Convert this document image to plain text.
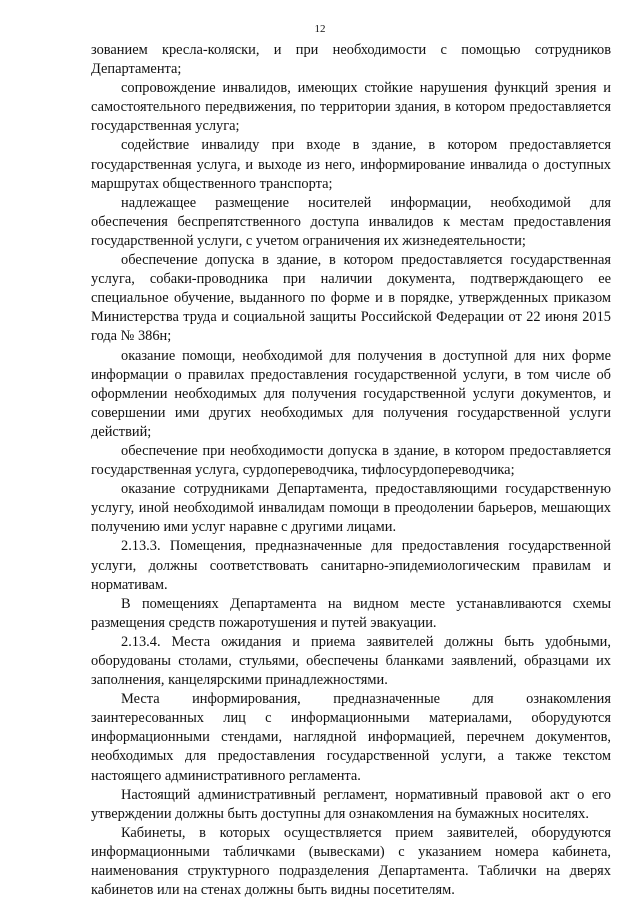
12

зованием кресла-коляски, и при необходимости с помощью сотрудников Департамента;

сопровождение инвалидов, имеющих стойкие нарушения функций зрения и самостоятельного передвижения, по территории здания, в котором предоставляется государственная услуга;

содействие инвалиду при входе в здание, в котором предоставляется государственная услуга, и выходе из него, информирование инвалида о доступных маршрутах общественного транспорта;

надлежащее размещение носителей информации, необходимой для обеспечения беспрепятственного доступа инвалидов к местам предоставления государственной услуги, с учетом ограничения их жизнедеятельности;

обеспечение допуска в здание, в котором предоставляется государственная услуга, собаки-проводника при наличии документа, подтверждающего ее специальное обучение, выданного по форме и в порядке, утвержденных приказом Министерства труда и социальной защиты Российской Федерации от 22 июня 2015 года № 386н;

оказание помощи, необходимой для получения в доступной для них форме информации о правилах предоставления государственной услуги, в том числе об оформлении необходимых для получения государственной услуги документов, и совершении ими других необходимых для получения государственной услуги действий;

обеспечение при необходимости допуска в здание, в котором предоставляется государственная услуга, сурдопереводчика, тифлосурдопереводчика;

оказание сотрудниками Департамента, предоставляющими государственную услугу, иной необходимой инвалидам помощи в преодолении барьеров, мешающих получению ими услуг наравне с другими лицами.

2.13.3. Помещения, предназначенные для предоставления государственной услуги, должны соответствовать санитарно-эпидемиологическим правилам и нормативам.

В помещениях Департамента на видном месте устанавливаются схемы размещения средств пожаротушения и путей эвакуации.

2.13.4. Места ожидания и приема заявителей должны быть удобными, оборудованы столами, стульями, обеспечены бланками заявлений, образцами их заполнения, канцелярскими принадлежностями.

Места информирования, предназначенные для ознакомления заинтересованных лиц с информационными материалами, оборудуются информационными стендами, наглядной информацией, перечнем документов, необходимых для предоставления государственной услуги, а также текстом настоящего административного регламента.

Настоящий административный регламент, нормативный правовой акт о его утверждении должны быть доступны для ознакомления на бумажных носителях.

Кабинеты, в которых осуществляется прием заявителей, оборудуются информационными табличками (вывесками) с указанием номера кабинета, наименования структурного подразделения Департамента. Таблички на дверях кабинетов или на стенах должны быть видны посетителям.
